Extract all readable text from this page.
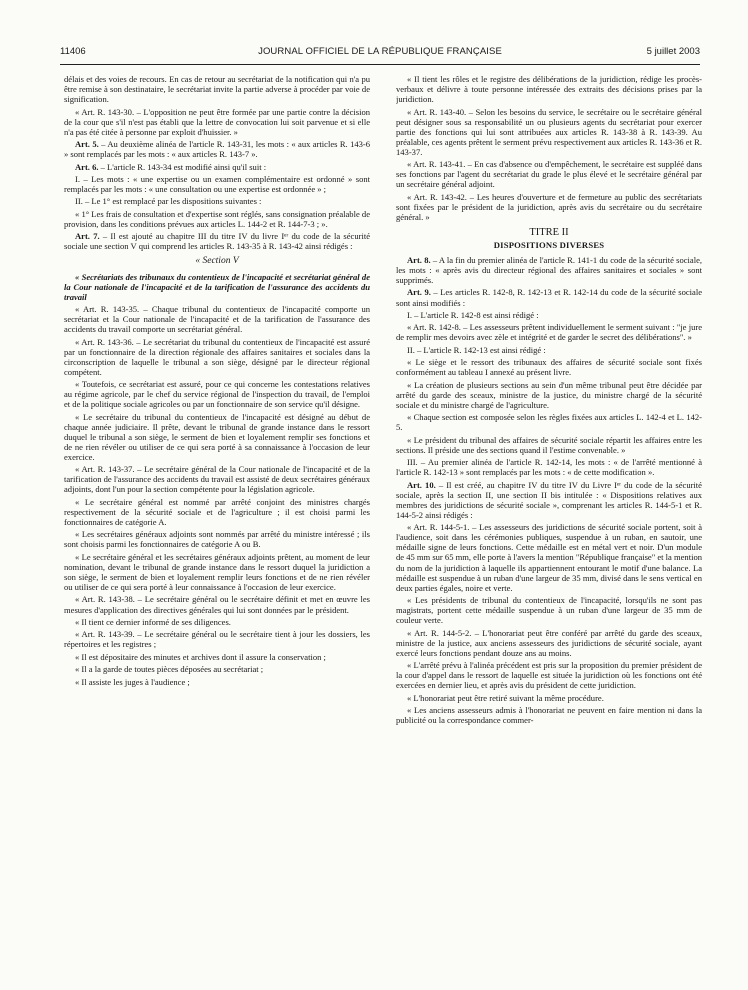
11406	JOURNAL OFFICIEL DE LA RÉPUBLIQUE FRANÇAISE	5 juillet 2003

délais et des voies de recours. En cas de retour au secrétariat de la notification qui n'a pu être remise à son destinataire, le secrétariat invite la partie adverse à procéder par voie de signification.

« Art. R. 143-30. – L'opposition ne peut être formée par une partie contre la décision de la cour que s'il n'est pas établi que la lettre de convocation lui soit parvenue et si elle n'a pas été citée à personne par exploit d'huissier. »

Art. 5. – Au deuxième alinéa de l'article R. 143-31, les mots : « aux articles R. 143-6 » sont remplacés par les mots : « aux articles R. 143-7 ».

Art. 6. – L'article R. 143-34 est modifié ainsi qu'il suit :

I. – Les mots : « une expertise ou un examen complémentaire est ordonné » sont remplacés par les mots : « une consultation ou une expertise est ordonnée » ;

II. – Le 1° est remplacé par les dispositions suivantes :

« 1° Les frais de consultation et d'expertise sont réglés, sans consignation préalable de provision, dans les conditions prévues aux articles L. 144-2 et R. 144-7-3 ; ».

Art. 7. – Il est ajouté au chapitre III du titre IV du livre Iᵉʳ du code de la sécurité sociale une section V qui comprend les articles R. 143-35 à R. 143-42 ainsi rédigés :

« Section V

« Secrétariats des tribunaux du contentieux de l'incapacité et secrétariat général de la Cour nationale de l'incapacité et de la tarification de l'assurance des accidents du travail

« Art. R. 143-35. – Chaque tribunal du contentieux de l'incapacité comporte un secrétariat et la Cour nationale de l'incapacité et de la tarification de l'assurance des accidents du travail comporte un secrétariat général.

« Art. R. 143-36. – Le secrétariat du tribunal du contentieux de l'incapacité est assuré par un fonctionnaire de la direction régionale des affaires sanitaires et sociales dans la circonscription de laquelle le tribunal a son siège, désigné par le directeur régional compétent.

« Toutefois, ce secrétariat est assuré, pour ce qui concerne les contestations relatives au régime agricole, par le chef du service régional de l'inspection du travail, de l'emploi et de la politique sociale agricoles ou par un fonctionnaire de son service qu'il désigne.

« Le secrétaire du tribunal du contentieux de l'incapacité est désigné au début de chaque année judiciaire. Il prête, devant le tribunal de grande instance dans le ressort duquel le tribunal a son siège, le serment de bien et loyalement remplir ses fonctions et de ne rien révéler ou utiliser de ce qui sera porté à sa connaissance à l'occasion de leur exercice.

« Art. R. 143-37. – Le secrétaire général de la Cour nationale de l'incapacité et de la tarification de l'assurance des accidents du travail est assisté de deux secrétaires généraux adjoints, dont l'un pour la section compétente pour la législation agricole.

« Le secrétaire général est nommé par arrêté conjoint des ministres chargés respectivement de la sécurité sociale et de l'agriculture ; il est choisi parmi les fonctionnaires de catégorie A.

« Les secrétaires généraux adjoints sont nommés par arrêté du ministre intéressé ; ils sont choisis parmi les fonctionnaires de catégorie A ou B.

« Le secrétaire général et les secrétaires généraux adjoints prêtent, au moment de leur nomination, devant le tribunal de grande instance dans le ressort duquel la juridiction a son siège, le serment de bien et loyalement remplir leurs fonctions et de ne rien révéler ou utiliser de ce qui sera porté à leur connaissance à l'occasion de leur exercice.

« Art. R. 143-38. – Le secrétaire général ou le secrétaire définit et met en œuvre les mesures d'application des directives générales qui lui sont données par le président.

« Il tient ce dernier informé de ses diligences.

« Art. R. 143-39. – Le secrétaire général ou le secrétaire tient à jour les dossiers, les répertoires et les registres ;

« Il est dépositaire des minutes et archives dont il assure la conservation ;

« Il a la garde de toutes pièces déposées au secrétariat ;

« Il assiste les juges à l'audience ;

« Il tient les rôles et le registre des délibérations de la juridiction, rédige les procès-verbaux et délivre à toute personne intéressée des extraits des décisions prises par la juridiction.

« Art. R. 143-40. – Selon les besoins du service, le secrétaire ou le secrétaire général peut désigner sous sa responsabilité un ou plusieurs agents du secrétariat pour exercer partie des fonctions qui lui sont attribuées aux articles R. 143-38 à R. 143-39. Au préalable, ces agents prêtent le serment prévu respectivement aux articles R. 143-36 et R. 143-37.

« Art. R. 143-41. – En cas d'absence ou d'empêchement, le secrétaire est suppléé dans ses fonctions par l'agent du secrétariat du grade le plus élevé et le secrétaire général par un secrétaire général adjoint.

« Art. R. 143-42. – Les heures d'ouverture et de fermeture au public des secrétariats sont fixées par le président de la juridiction, après avis du secrétaire ou du secrétaire général. »

TITRE II
DISPOSITIONS DIVERSES

Art. 8. – A la fin du premier alinéa de l'article R. 141-1 du code de la sécurité sociale, les mots : « après avis du directeur régional des affaires sanitaires et sociales » sont supprimés.

Art. 9. – Les articles R. 142-8, R. 142-13 et R. 142-14 du code de la sécurité sociale sont ainsi modifiés :

I. – L'article R. 142-8 est ainsi rédigé :

« Art. R. 142-8. – Les assesseurs prêtent individuellement le serment suivant : "je jure de remplir mes devoirs avec zèle et intégrité et de garder le secret des délibérations". »

II. – L'article R. 142-13 est ainsi rédigé :

« Le siège et le ressort des tribunaux des affaires de sécurité sociale sont fixés conformément au tableau I annexé au présent livre.

« La création de plusieurs sections au sein d'un même tribunal peut être décidée par arrêté du garde des sceaux, ministre de la justice, du ministre chargé de la sécurité sociale et du ministre chargé de l'agriculture.

« Chaque section est composée selon les règles fixées aux articles L. 142-4 et L. 142-5.

« Le président du tribunal des affaires de sécurité sociale répartit les affaires entre les sections. Il préside une des sections quand il l'estime convenable. »

III. – Au premier alinéa de l'article R. 142-14, les mots : « de l'arrêté mentionné à l'article R. 142-13 » sont remplacés par les mots : « de cette modification ».

Art. 10. – Il est créé, au chapitre IV du titre IV du Livre Iᵉʳ du code de la sécurité sociale, après la section II, une section II bis intitulée : « Dispositions relatives aux membres des juridictions de sécurité sociale », comprenant les articles R. 144-5-1 et R. 144-5-2 ainsi rédigés :

« Art. R. 144-5-1. – Les assesseurs des juridictions de sécurité sociale portent, soit à l'audience, soit dans les cérémonies publiques, suspendue à un ruban, en sautoir, une médaille signe de leurs fonctions. Cette médaille est en métal vert et noir. D'un module de 45 mm sur 65 mm, elle porte à l'avers la mention "République française" et la mention du nom de la juridiction à laquelle ils appartiennent entourant le motif d'une balance. La médaille est suspendue à un ruban d'une largeur de 35 mm, divisé dans le sens vertical en deux parties égales, noire et verte.

« Les présidents de tribunal du contentieux de l'incapacité, lorsqu'ils ne sont pas magistrats, portent cette médaille suspendue à un ruban d'une largeur de 35 mm de couleur verte.

« Art. R. 144-5-2. – L'honorariat peut être conféré par arrêté du garde des sceaux, ministre de la justice, aux anciens assesseurs des juridictions de sécurité sociale, ayant exercé leurs fonctions pendant douze ans au moins.

« L'arrêté prévu à l'alinéa précédent est pris sur la proposition du premier président de la cour d'appel dans le ressort de laquelle est située la juridiction où les fonctions ont été exercées en dernier lieu, et après avis du président de cette juridiction.

« L'honorariat peut être retiré suivant la même procédure.

« Les anciens assesseurs admis à l'honorariat ne peuvent en faire mention ni dans la publicité ou la correspondance commer-
